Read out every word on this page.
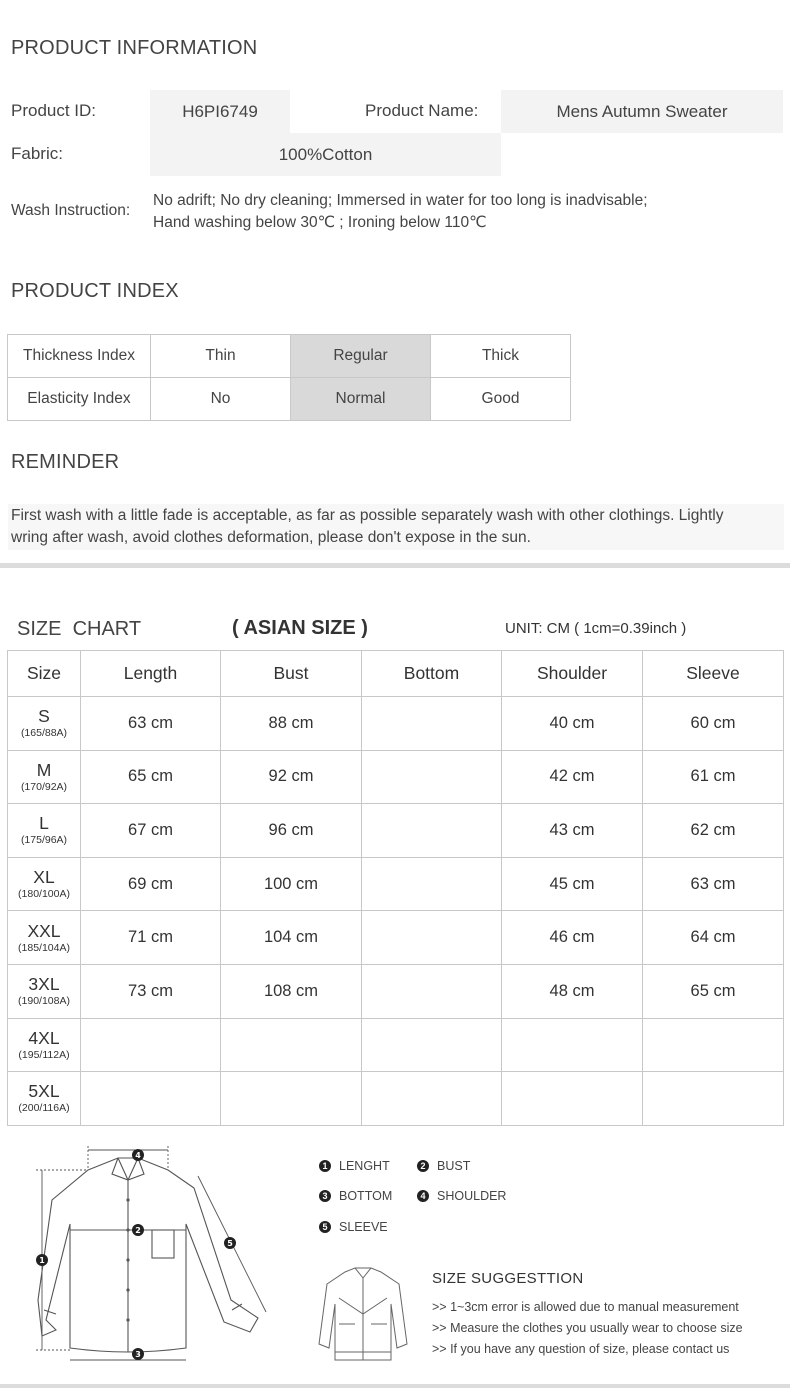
PRODUCT INFORMATION
Product ID:	H6PI6749	Product Name:	Mens Autumn Sweater
Fabric:	100%Cotton
Wash Instruction:
No adrift; No dry cleaning; Immersed in water for too long is inadvisable;
Hand washing below 30℃ ; Ironing below 110℃
PRODUCT INDEX
Thickness Index	Thin	Regular	Thick
Elasticity Index	No	Normal	Good
REMINDER
First wash with a little fade is acceptable, as far as possible separately wash with other clothings. Lightly
wring after wash, avoid clothes deformation, please don't expose in the sun.
SIZE  CHART	( ASIAN SIZE )	UNIT: CM ( 1cm=0.39inch )
Size	Length	Bust	Bottom	Shoulder	Sleeve

S
(165/88A)	63 cm	88 cm		40 cm	60 cm

M
(170/92A)	65 cm	92 cm		42 cm	61 cm

L
(175/96A)	67 cm	96 cm		43 cm	62 cm

XL
(180/100A)	69 cm	100 cm		45 cm	63 cm

XXL
(185/104A)	71 cm	104 cm		46 cm	64 cm

3XL
(190/108A)	73 cm	108 cm		48 cm	65 cm

4XL
(195/112A)					

5XL
(200/116A)					

4
2
3
1
5
1 LENGHT	2 BUST
3 BOTTOM	4 SHOULDER
5 SLEEVE
SIZE SUGGESTTION
>> 1~3cm error is allowed due to manual measurement
>> Measure the clothes you usually wear to choose size
>> If you have any question of size, please contact us
